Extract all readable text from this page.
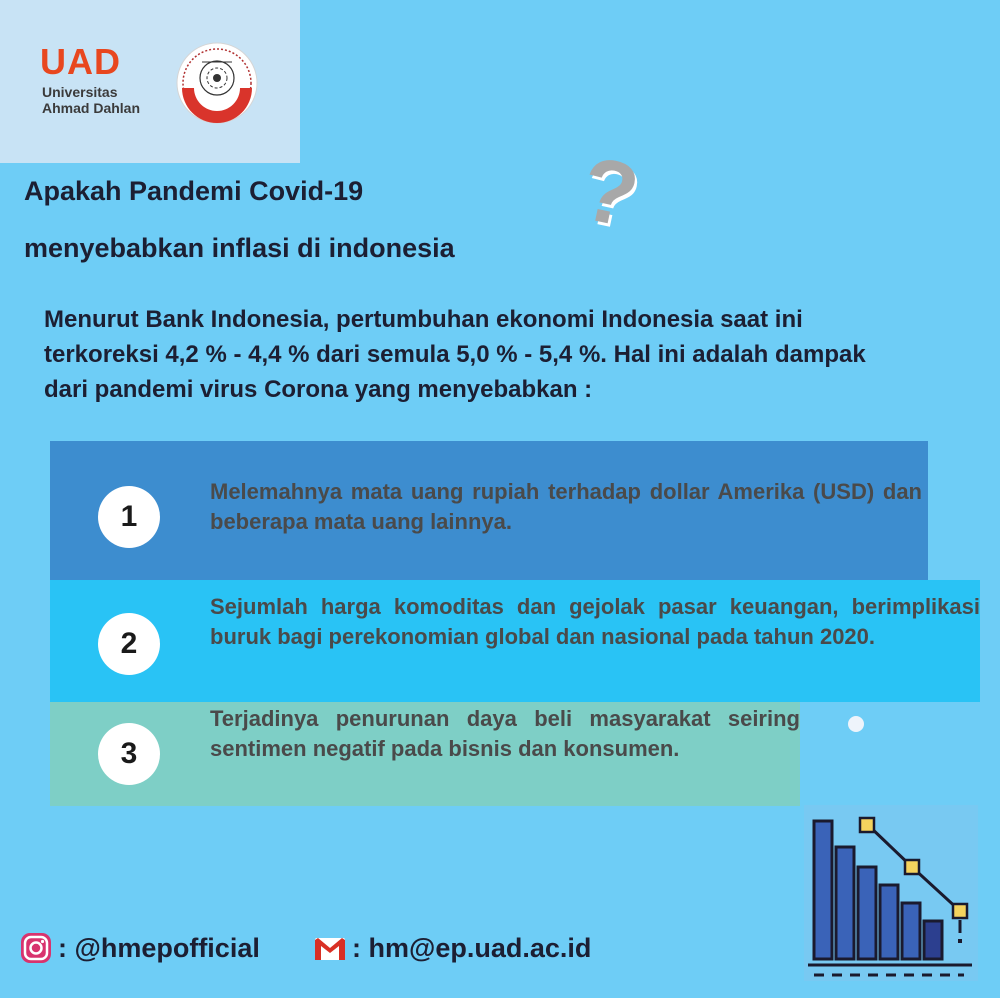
UAD
Universitas
Ahmad Dahlan
Apakah Pandemi Covid-19
menyebabkan inflasi di indonesia
?
Menurut Bank Indonesia, pertumbuhan ekonomi Indonesia saat ini terkoreksi 4,2 % - 4,4 % dari semula 5,0 % - 5,4 %. Hal ini adalah dampak dari pandemi virus Corona yang menyebabkan :
1
Melemahnya mata uang rupiah terhadap dollar Amerika (USD) dan beberapa mata uang lainnya.
2
Sejumlah harga komoditas dan gejolak pasar keuangan, berimplikasi buruk bagi perekonomian global dan nasional pada tahun 2020.
3
Terjadinya penurunan daya beli masyarakat seiring sentimen negatif pada bisnis dan konsumen.
: @hmepofficial	: hm@ep.uad.ac.id
